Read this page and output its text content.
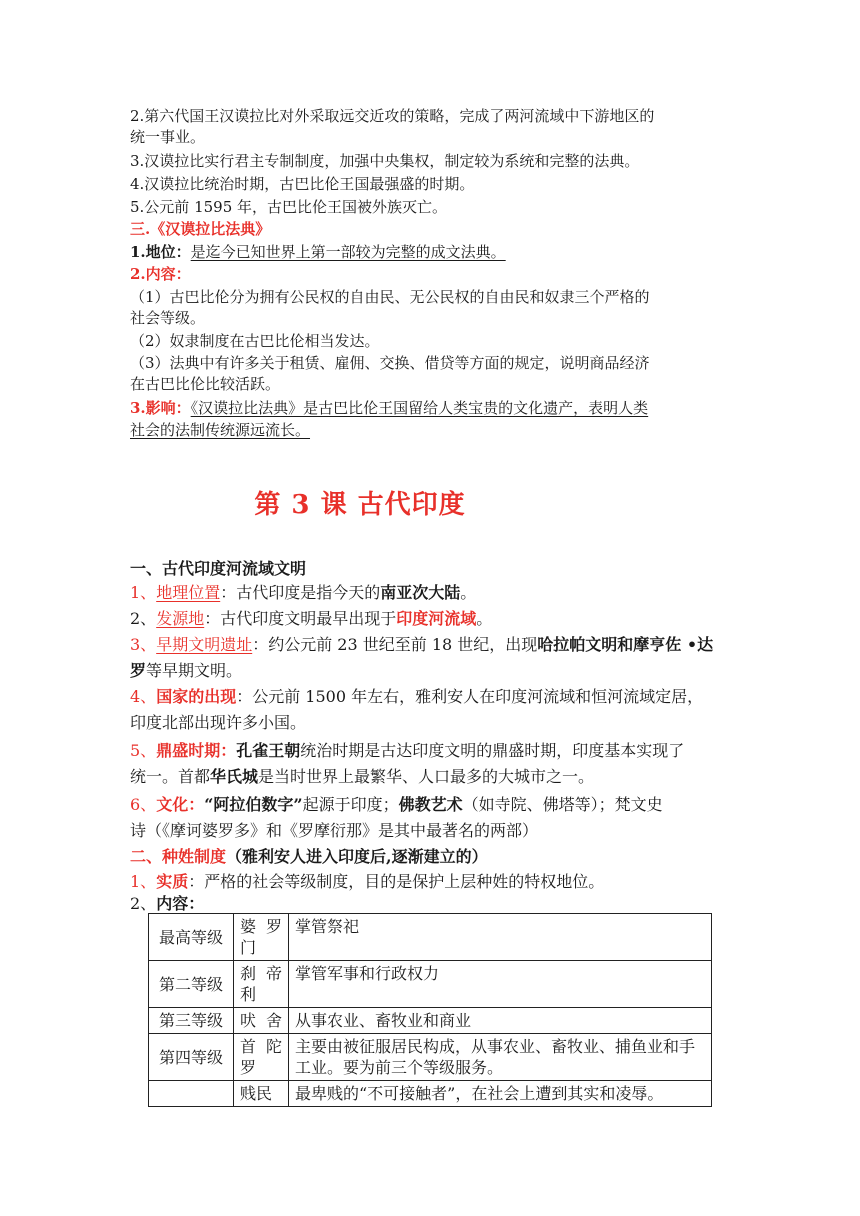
2.第六代国王汉谟拉比对外采取远交近攻的策略，完成了两河流域中下游地区的
统一事业。
3.汉谟拉比实行君主专制制度，加强中央集权，制定较为系统和完整的法典。
4.汉谟拉比统治时期，古巴比伦王国最强盛的时期。
5.公元前 1595 年，古巴比伦王国被外族灭亡。
三.《汉谟拉比法典》
1.地位：是迄今已知世界上第一部较为完整的成文法典。
2.内容：
（1）古巴比伦分为拥有公民权的自由民、无公民权的自由民和奴隶三个严格的
社会等级。
（2）奴隶制度在古巴比伦相当发达。
（3）法典中有许多关于租赁、雇佣、交换、借贷等方面的规定，说明商品经济
在古巴比伦比较活跃。
3.影响：《汉谟拉比法典》是古巴比伦王国留给人类宝贵的文化遗产，表明人类
社会的法制传统源远流长。
第 3 课 古代印度
一、古代印度河流域文明
1、地理位置：古代印度是指今天的南亚次大陆。
2、发源地：古代印度文明最早出现于印度河流域。
3、早期文明遗址：约公元前 23 世纪至前 18 世纪，出现哈拉帕文明和摩亨佐 •达
罗等早期文明。
4、国家的出现：公元前 1500 年左右，雅利安人在印度河流域和恒河流域定居，
印度北部出现许多小国。
5、鼎盛时期：孔雀王朝统治时期是古达印度文明的鼎盛时期，印度基本实现了
统一。首都华氏城是当时世界上最繁华、人口最多的大城市之一。
6、文化：“阿拉伯数字”起源于印度；佛教艺术（如寺院、佛塔等）；梵文史
诗（《摩诃婆罗多》和《罗摩衍那》是其中最著名的两部）
二、种姓制度（雅利安人进入印度后,逐渐建立的）
1、实质：严格的社会等级制度，目的是保护上层种姓的特权地位。
2、内容：
最高等级	婆罗门	掌管祭祀
第二等级	刹帝利	掌管军事和行政权力
第三等级	吠舍	从事农业、畜牧业和商业
第四等级	首陀罗	主要由被征服居民构成，从事农业、畜牧业、捕鱼业和手工业。要为前三个等级服务。
	贱民	最卑贱的“不可接触者”，在社会上遭到其实和凌辱。
